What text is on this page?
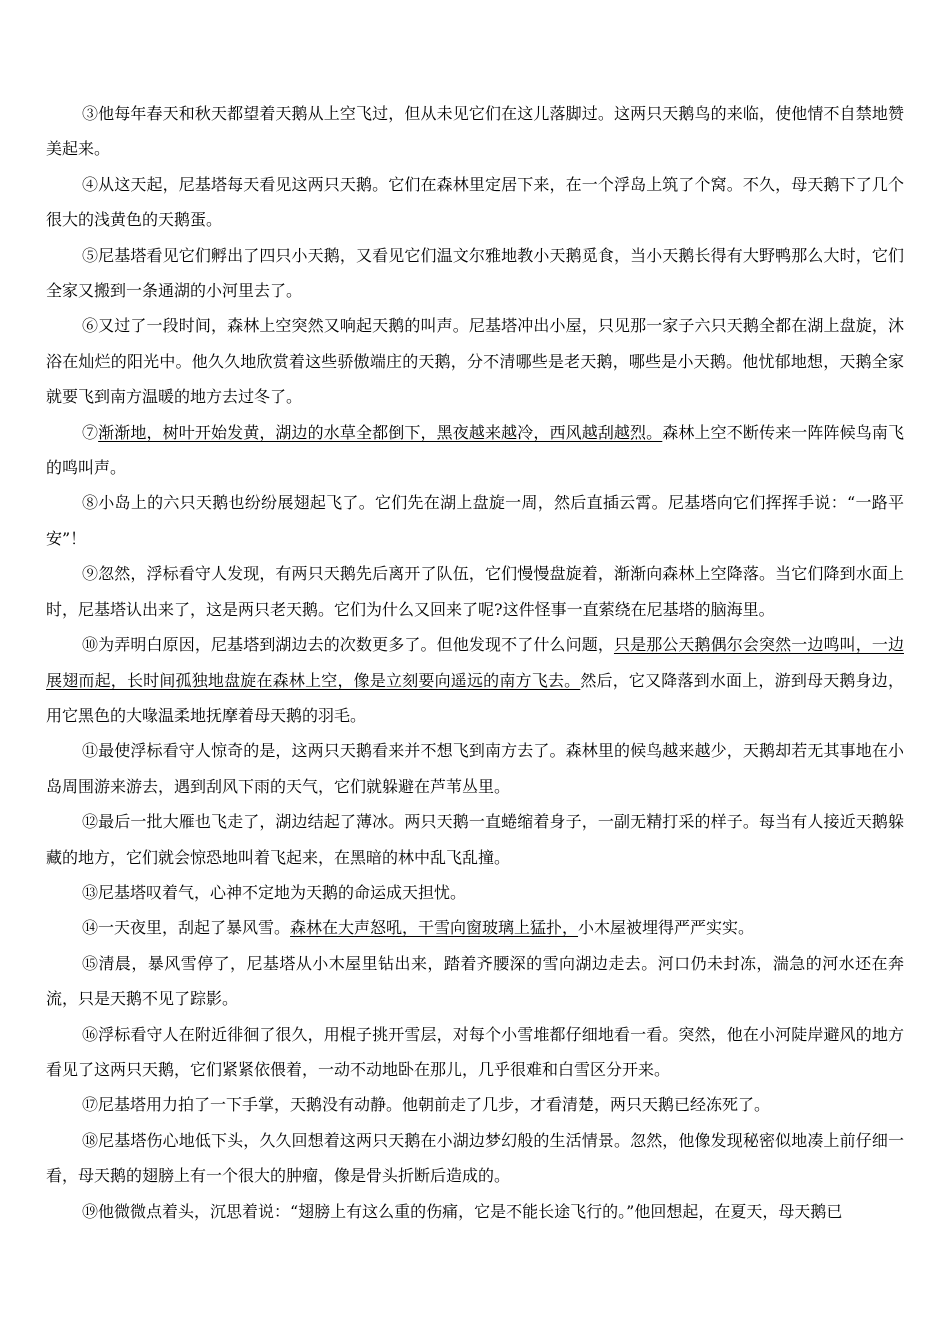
③他每年春天和秋天都望着天鹅从上空飞过，但从未见它们在这儿落脚过。这两只天鹅鸟的来临，使他情不自禁地赞美起来。

④从这天起，尼基塔每天看见这两只天鹅。它们在森林里定居下来，在一个浮岛上筑了个窝。不久，母天鹅下了几个很大的浅黄色的天鹅蛋。

⑤尼基塔看见它们孵出了四只小天鹅，又看见它们温文尔雅地教小天鹅觅食，当小天鹅长得有大野鸭那么大时，它们全家又搬到一条通湖的小河里去了。

⑥又过了一段时间，森林上空突然又响起天鹅的叫声。尼基塔冲出小屋，只见那一家子六只天鹅全都在湖上盘旋，沐浴在灿烂的阳光中。他久久地欣赏着这些骄傲端庄的天鹅，分不清哪些是老天鹅，哪些是小天鹅。他忧郁地想，天鹅全家就要飞到南方温暖的地方去过冬了。

⑦渐渐地，树叶开始发黄，湖边的水草全都倒下，黑夜越来越冷，西风越刮越烈。森林上空不断传来一阵阵候鸟南飞的鸣叫声。

⑧小岛上的六只天鹅也纷纷展翅起飞了。它们先在湖上盘旋一周，然后直插云霄。尼基塔向它们挥挥手说：“一路平安”！

⑨忽然，浮标看守人发现，有两只天鹅先后离开了队伍，它们慢慢盘旋着，渐渐向森林上空降落。当它们降到水面上时，尼基塔认出来了，这是两只老天鹅。它们为什么又回来了呢?这件怪事一直萦绕在尼基塔的脑海里。

⑩为弄明白原因，尼基塔到湖边去的次数更多了。但他发现不了什么问题，只是那公天鹅偶尔会突然一边鸣叫，一边展翅而起，长时间孤独地盘旋在森林上空，像是立刻要向遥远的南方飞去。然后，它又降落到水面上，游到母天鹅身边，用它黑色的大喙温柔地抚摩着母天鹅的羽毛。

⑪最使浮标看守人惊奇的是，这两只天鹅看来并不想飞到南方去了。森林里的候鸟越来越少，天鹅却若无其事地在小岛周围游来游去，遇到刮风下雨的天气，它们就躲避在芦苇丛里。

⑫最后一批大雁也飞走了，湖边结起了薄冰。两只天鹅一直蜷缩着身子，一副无精打采的样子。每当有人接近天鹅躲藏的地方，它们就会惊恐地叫着飞起来，在黑暗的林中乱飞乱撞。

⑬尼基塔叹着气，心神不定地为天鹅的命运成天担忧。

⑭一天夜里，刮起了暴风雪。森林在大声怒吼，干雪向窗玻璃上猛扑，小木屋被埋得严严实实。

⑮清晨，暴风雪停了，尼基塔从小木屋里钻出来，踏着齐腰深的雪向湖边走去。河口仍未封冻，湍急的河水还在奔流，只是天鹅不见了踪影。

⑯浮标看守人在附近徘徊了很久，用棍子挑开雪层，对每个小雪堆都仔细地看一看。突然，他在小河陡岸避风的地方看见了这两只天鹅，它们紧紧依偎着，一动不动地卧在那儿，几乎很难和白雪区分开来。

⑰尼基塔用力拍了一下手掌，天鹅没有动静。他朝前走了几步，才看清楚，两只天鹅已经冻死了。

⑱尼基塔伤心地低下头，久久回想着这两只天鹅在小湖边梦幻般的生活情景。忽然，他像发现秘密似地凑上前仔细一看，母天鹅的翅膀上有一个很大的肿瘤，像是骨头折断后造成的。

⑲他微微点着头，沉思着说：“翅膀上有这么重的伤痛，它是不能长途飞行的。”他回想起，在夏天，母天鹅已
